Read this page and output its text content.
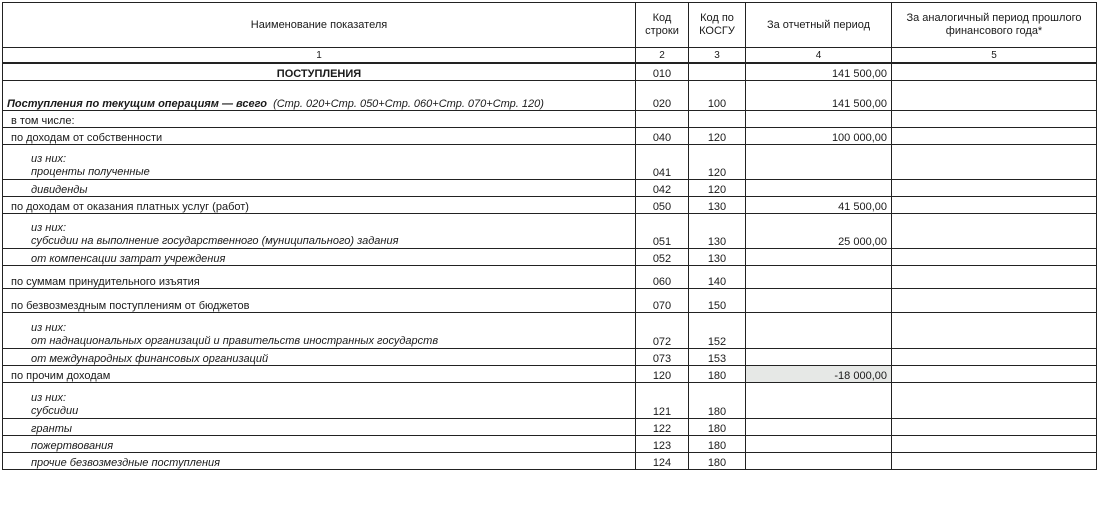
Наименование показателя	Код строки	Код по КОСГУ	За отчетный период	За аналогичный период прошлого финансового года*
1	2	3	4	5
ПОСТУПЛЕНИЯ	010		141 500,00	
Поступления по текущим операциям — всего (Стр. 020+Стр. 050+Стр. 060+Стр. 070+Стр. 120)	020	100	141 500,00	
в том числе:				
по доходам от собственности	040	120	100 000,00	

из них:
проценты полученные	041	120		
дивиденды	042	120		
по доходам от оказания платных услуг (работ)	050	130	41 500,00	

из них:
субсидии на выполнение государственного (муниципального) задания	051	130	25 000,00	
от компенсации затрат учреждения	052	130		
по суммам принудительного изъятия	060	140		
по безвозмездным поступлениям от бюджетов	070	150		

из них:
от наднациональных организаций и правительств иностранных государств	072	152		
от международных финансовых организаций	073	153		
по прочим доходам	120	180	-18 000,00	

из них:
субсидии	121	180		
гранты	122	180		
пожертвования	123	180		
прочие безвозмездные поступления	124	180		
